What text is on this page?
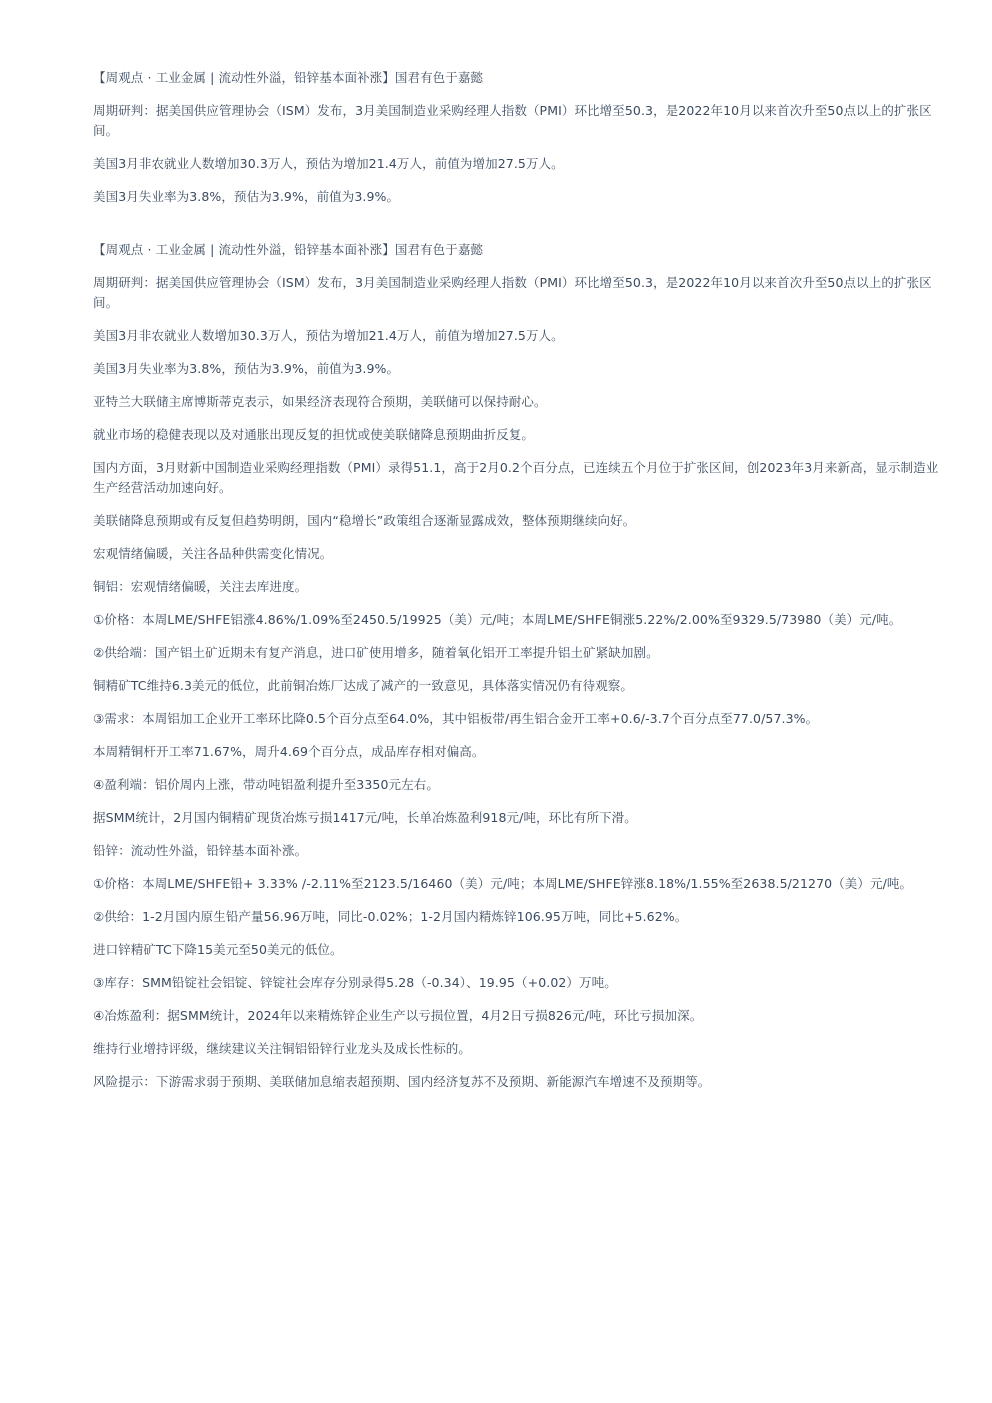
【周观点 · 工业金属 | 流动性外溢，铅锌基本面补涨】国君有色于嘉懿

周期研判：据美国供应管理协会（ISM）发布，3月美国制造业采购经理人指数（PMI）环比增至50.3，是2022年10月以来首次升至50点以上的扩张区间。

美国3月非农就业人数增加30.3万人，预估为增加21.4万人，前值为增加27.5万人。

美国3月失业率为3.8%，预估为3.9%，前值为3.9%。

【周观点 · 工业金属 | 流动性外溢，铅锌基本面补涨】国君有色于嘉懿

周期研判：据美国供应管理协会（ISM）发布，3月美国制造业采购经理人指数（PMI）环比增至50.3，是2022年10月以来首次升至50点以上的扩张区间。

美国3月非农就业人数增加30.3万人，预估为增加21.4万人，前值为增加27.5万人。

美国3月失业率为3.8%，预估为3.9%，前值为3.9%。

亚特兰大联储主席博斯蒂克表示，如果经济表现符合预期，美联储可以保持耐心。

就业市场的稳健表现以及对通胀出现反复的担忧或使美联储降息预期曲折反复。

国内方面，3月财新中国制造业采购经理指数（PMI）录得51.1，高于2月0.2个百分点，已连续五个月位于扩张区间，创2023年3月来新高，显示制造业生产经营活动加速向好。

美联储降息预期或有反复但趋势明朗，国内“稳增长”政策组合逐渐显露成效，整体预期继续向好。

宏观情绪偏暖，关注各品种供需变化情况。

铜铝：宏观情绪偏暖，关注去库进度。

①价格：本周LME/SHFE铝涨4.86%/1.09%至2450.5/19925（美）元/吨；本周LME/SHFE铜涨5.22%/2.00%至9329.5/73980（美）元/吨。

②供给端：国产铝土矿近期未有复产消息，进口矿使用增多，随着氧化铝开工率提升铝土矿紧缺加剧。

铜精矿TC维持6.3美元的低位，此前铜冶炼厂达成了减产的一致意见，具体落实情况仍有待观察。

③需求：本周铝加工企业开工率环比降0.5个百分点至64.0%，其中铝板带/再生铝合金开工率+0.6/-3.7个百分点至77.0/57.3%。

本周精铜杆开工率71.67%，周升4.69个百分点，成品库存相对偏高。

④盈利端：铝价周内上涨，带动吨铝盈利提升至3350元左右。

据SMM统计，2月国内铜精矿现货冶炼亏损1417元/吨，长单冶炼盈利918元/吨，环比有所下滑。

铅锌：流动性外溢，铅锌基本面补涨。

①价格：本周LME/SHFE铅+ 3.33% /-2.11%至2123.5/16460（美）元/吨；本周LME/SHFE锌涨8.18%/1.55%至2638.5/21270（美）元/吨。

②供给：1-2月国内原生铅产量56.96万吨，同比-0.02%；1-2月国内精炼锌106.95万吨，同比+5.62%。

进口锌精矿TC下降15美元至50美元的低位。

③库存：SMM铅锭社会铝锭、锌锭社会库存分别录得5.28（-0.34）、19.95（+0.02）万吨。

④冶炼盈利：据SMM统计，2024年以来精炼锌企业生产以亏损位置，4月2日亏损826元/吨，环比亏损加深。

维持行业增持评级，继续建议关注铜铝铅锌行业龙头及成长性标的。

风险提示：下游需求弱于预期、美联储加息缩表超预期、国内经济复苏不及预期、新能源汽车增速不及预期等。
